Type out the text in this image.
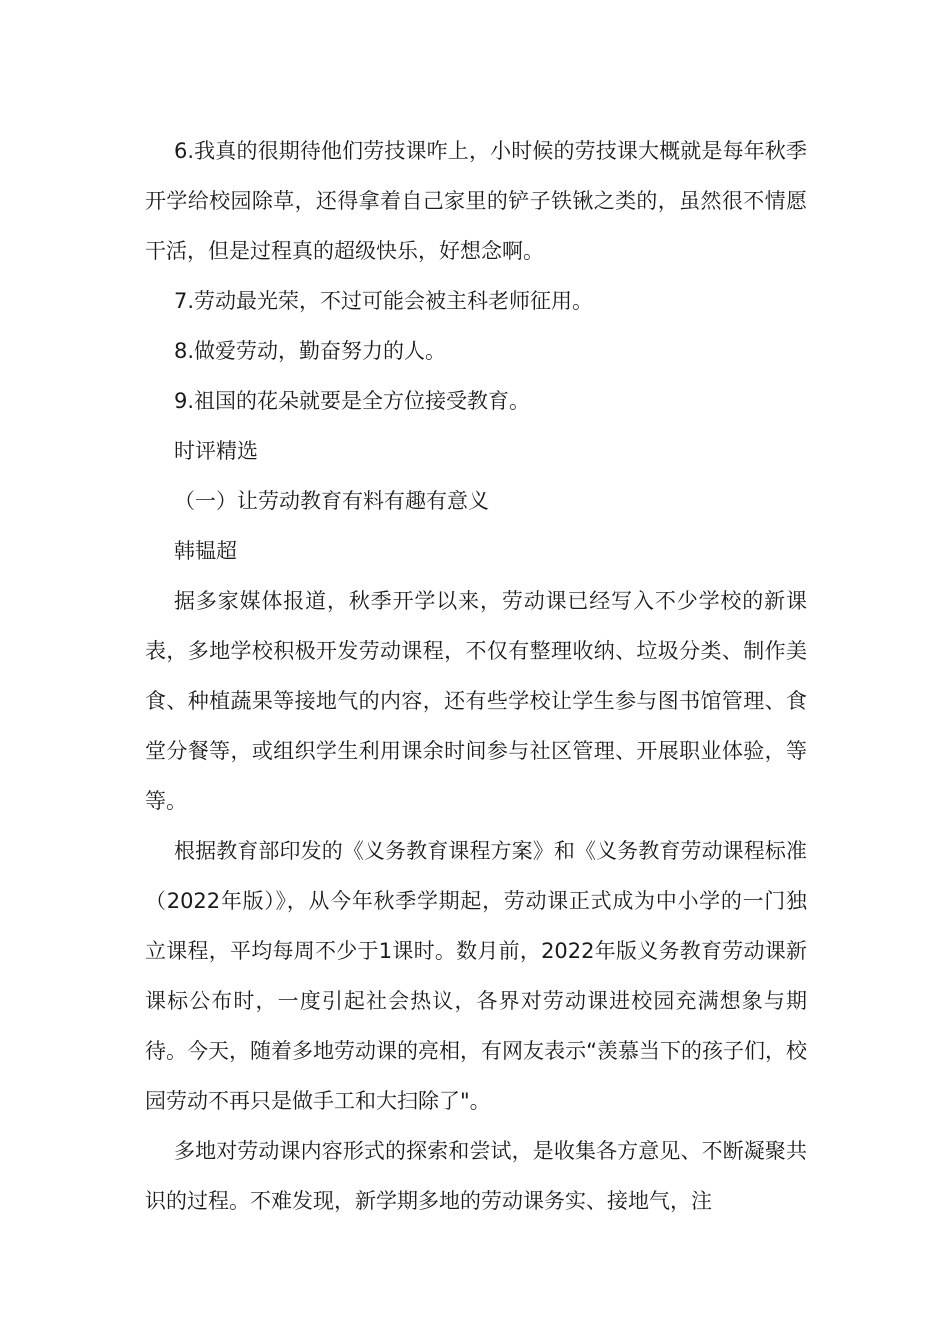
6.我真的很期待他们劳技课咋上，小时候的劳技课大概就是每年秋季开学给校园除草，还得拿着自己家里的铲子铁锹之类的，虽然很不情愿干活，但是过程真的超级快乐，好想念啊。

7.劳动最光荣，不过可能会被主科老师征用。

8.做爱劳动，勤奋努力的人。

9.祖国的花朵就要是全方位接受教育。

时评精选

（一）让劳动教育有料有趣有意义

韩韫超

据多家媒体报道，秋季开学以来，劳动课已经写入不少学校的新课表，多地学校积极开发劳动课程，不仅有整理收纳、垃圾分类、制作美食、种植蔬果等接地气的内容，还有些学校让学生参与图书馆管理、食堂分餐等，或组织学生利用课余时间参与社区管理、开展职业体验，等等。

根据教育部印发的《义务教育课程方案》和《义务教育劳动课程标准（2022年版）》，从今年秋季学期起，劳动课正式成为中小学的一门独立课程，平均每周不少于1课时。数月前，2022年版义务教育劳动课新课标公布时，一度引起社会热议，各界对劳动课进校园充满想象与期待。今天，随着多地劳动课的亮相，有网友表示“羡慕当下的孩子们，校园劳动不再只是做手工和大扫除了"。

多地对劳动课内容形式的探索和尝试，是收集各方意见、不断凝聚共识的过程。不难发现，新学期多地的劳动课务实、接地气，注
